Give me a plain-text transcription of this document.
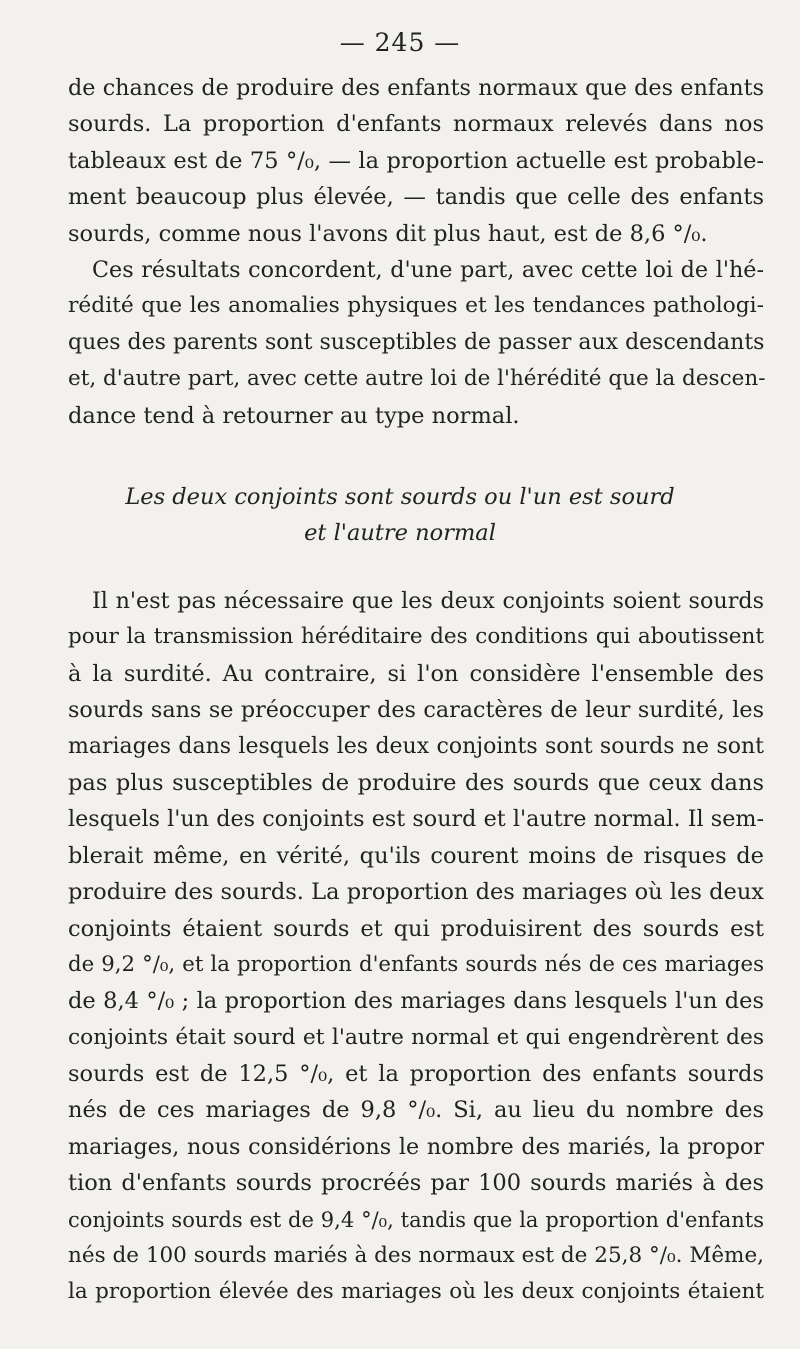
— 245 —
de chances de produire des enfants normaux que des enfants
sourds. La proportion d'enfants normaux relevés dans nos
tableaux est de 75 °/₀, — la proportion actuelle est probable-
ment beaucoup plus élevée, — tandis que celle des enfants
sourds, comme nous l'avons dit plus haut, est de 8,6 °/₀.
Ces résultats concordent, d'une part, avec cette loi de l'hé-
rédité que les anomalies physiques et les tendances pathologi-
ques des parents sont susceptibles de passer aux descendants
et, d'autre part, avec cette autre loi de l'hérédité que la descen-
dance tend à retourner au type normal.
Les deux conjoints sont sourds ou l'un est sourd
et l'autre normal
Il n'est pas nécessaire que les deux conjoints soient sourds
pour la transmission héréditaire des conditions qui aboutissent
à la surdité. Au contraire, si l'on considère l'ensemble des
sourds sans se préoccuper des caractères de leur surdité, les
mariages dans lesquels les deux conjoints sont sourds ne sont
pas plus susceptibles de produire des sourds que ceux dans
lesquels l'un des conjoints est sourd et l'autre normal. Il sem-
blerait même, en vérité, qu'ils courent moins de risques de
produire des sourds. La proportion des mariages où les deux
conjoints étaient sourds et qui produisirent des sourds est
de 9,2 °/₀, et la proportion d'enfants sourds nés de ces mariages
de 8,4 °/₀ ; la proportion des mariages dans lesquels l'un des
conjoints était sourd et l'autre normal et qui engendrèrent des
sourds est de 12,5 °/₀, et la proportion des enfants sourds
nés de ces mariages de 9,8 °/₀. Si, au lieu du nombre des
mariages, nous considérions le nombre des mariés, la propor
tion d'enfants sourds procréés par 100 sourds mariés à des
conjoints sourds est de 9,4 °/₀, tandis que la proportion d'enfants
nés de 100 sourds mariés à des normaux est de 25,8 °/₀. Même,
la proportion élevée des mariages où les deux conjoints étaient
